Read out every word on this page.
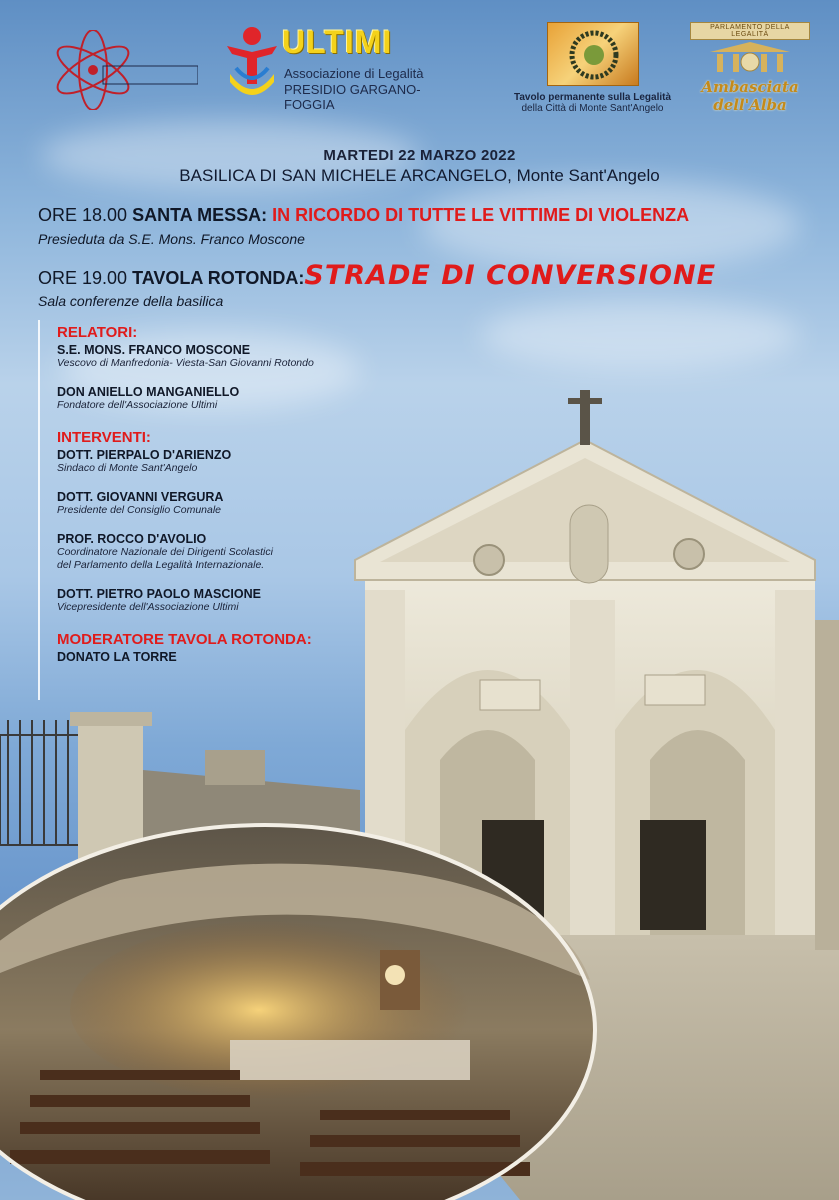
ULTIMI
Associazione di Legalità
PRESIDIO GARGANO-FOGGIA	Tavolo permanente sulla Legalità
della Città di Monte Sant'Angelo
PARLAMENTO DELLA LEGALITÀ
Ambasciata dell'Alba
MARTEDI 22 MARZO 2022
BASILICA DI SAN MICHELE ARCANGELO, Monte Sant'Angelo
ORE 18.00 SANTA MESSA: IN RICORDO DI TUTTE LE VITTIME DI VIOLENZA
Presieduta da S.E. Mons. Franco Moscone
ORE 19.00 TAVOLA ROTONDA:STRADE DI CONVERSIONE
Sala conferenze della basilica
RELATORI:
S.E. MONS. FRANCO MOSCONE
Vescovo di Manfredonia- Viesta-San Giovanni Rotondo
DON ANIELLO MANGANIELLO
Fondatore dell'Associazione Ultimi
INTERVENTI:
DOTT. PIERPALO D'ARIENZO
Sindaco di Monte Sant'Angelo
DOTT. GIOVANNI VERGURA
Presidente del Consiglio Comunale
PROF. ROCCO D'AVOLIO
Coordinatore Nazionale dei Dirigenti Scolastici
del Parlamento della Legalità Internazionale.
DOTT. PIETRO PAOLO MASCIONE
Vicepresidente dell'Associazione Ultimi
MODERATORE TAVOLA ROTONDA:
DONATO LA TORRE
